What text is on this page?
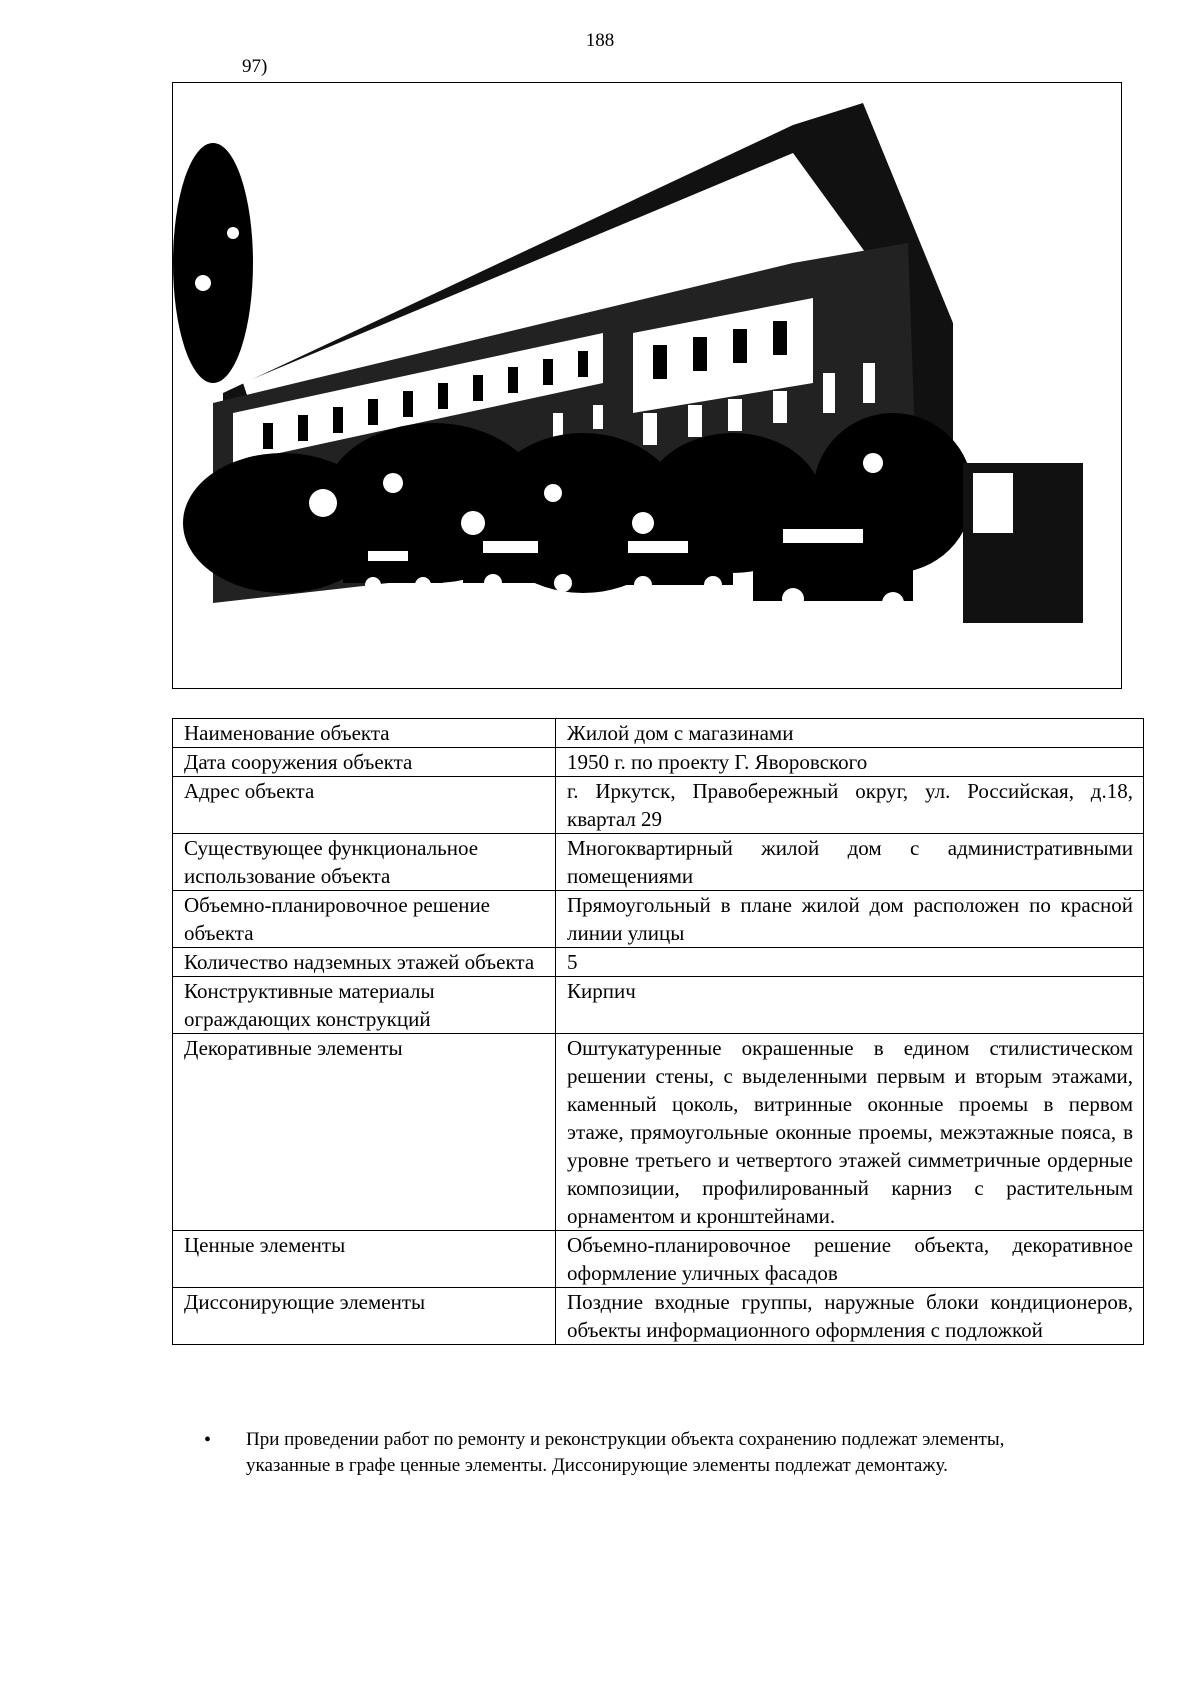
188
97)
Наименование объекта	Жилой дом с магазинами
Дата сооружения объекта	1950 г. по проекту Г. Яворовского
Адрес объекта	г. Иркутск, Правобережный округ, ул. Российская, д.18, квартал 29
Существующее функциональное использование объекта	Многоквартирный жилой дом с административными помещениями
Объемно-планировочное решение объекта	Прямоугольный в плане жилой дом расположен по красной линии улицы
Количество надземных этажей объекта	5
Конструктивные материалы ограждающих конструкций	Кирпич
Декоративные элементы	Оштукатуренные окрашенные в едином стилистическом решении стены, с выделенными первым и вторым этажами, каменный цоколь, витринные оконные проемы в первом этаже, прямоугольные оконные проемы, межэтажные пояса, в уровне третьего и четвертого этажей симметричные ордерные композиции, профилированный карниз с растительным орнаментом и кронштейнами.
Ценные элементы	Объемно-планировочное решение объекта, декоративное оформление уличных фасадов
Диссонирующие элементы	Поздние входные группы, наружные блоки кондиционеров, объекты информационного оформления с подложкой
•	При проведении работ по ремонту и реконструкции объекта сохранению подлежат элементы, указанные в графе ценные элементы. Диссонирующие элементы подлежат демонтажу.
